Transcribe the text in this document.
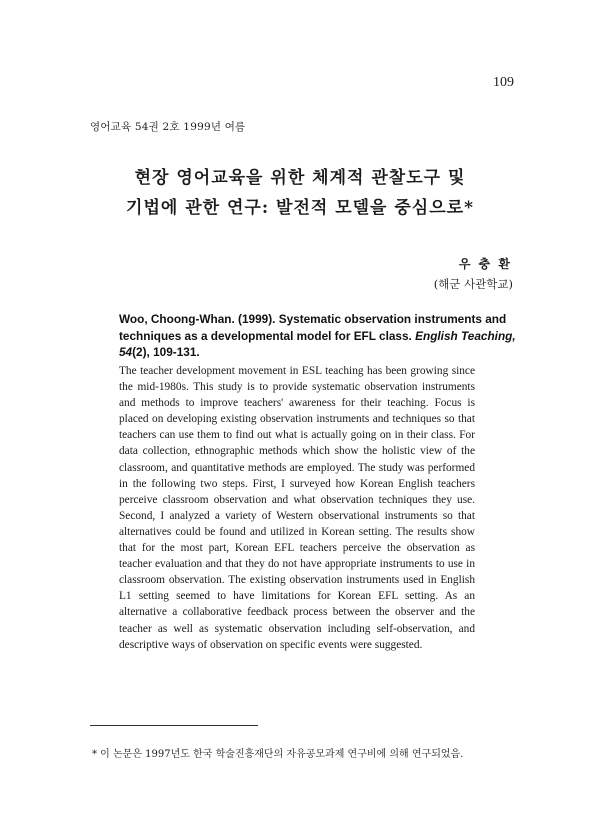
109
영어교육 54권 2호 1999년 여름
현장 영어교육을 위한 체계적 관찰도구 및
기법에 관한 연구: 발전적 모델을 중심으로*
우 충 환
(해군 사관학교)
Woo, Choong-Whan. (1999). Systematic observation instruments and techniques as a developmental model for EFL class. English Teaching, 54(2), 109-131.
The teacher development movement in ESL teaching has been growing since the mid-1980s. This study is to provide systematic observation instruments and methods to improve teachers' awareness for their teaching. Focus is placed on developing existing observation instruments and techniques so that teachers can use them to find out what is actually going on in their class. For data collection, ethnographic methods which show the holistic view of the classroom, and quantitative methods are employed. The study was performed in the following two steps. First, I surveyed how Korean English teachers perceive classroom observation and what observation techniques they use. Second, I analyzed a variety of Western observational instruments so that alternatives could be found and utilized in Korean setting. The results show that for the most part, Korean EFL teachers perceive the observation as teacher evaluation and that they do not have appropriate instruments to use in classroom observation. The existing observation instruments used in English L1 setting seemed to have limitations for Korean EFL setting. As an alternative a collaborative feedback process between the observer and the teacher as well as systematic observation including self-observation, and descriptive ways of observation on specific events were suggested.
* 이 논문은 1997년도 한국 학술진흥재단의 자유공모과제 연구비에 의해 연구되었음.
